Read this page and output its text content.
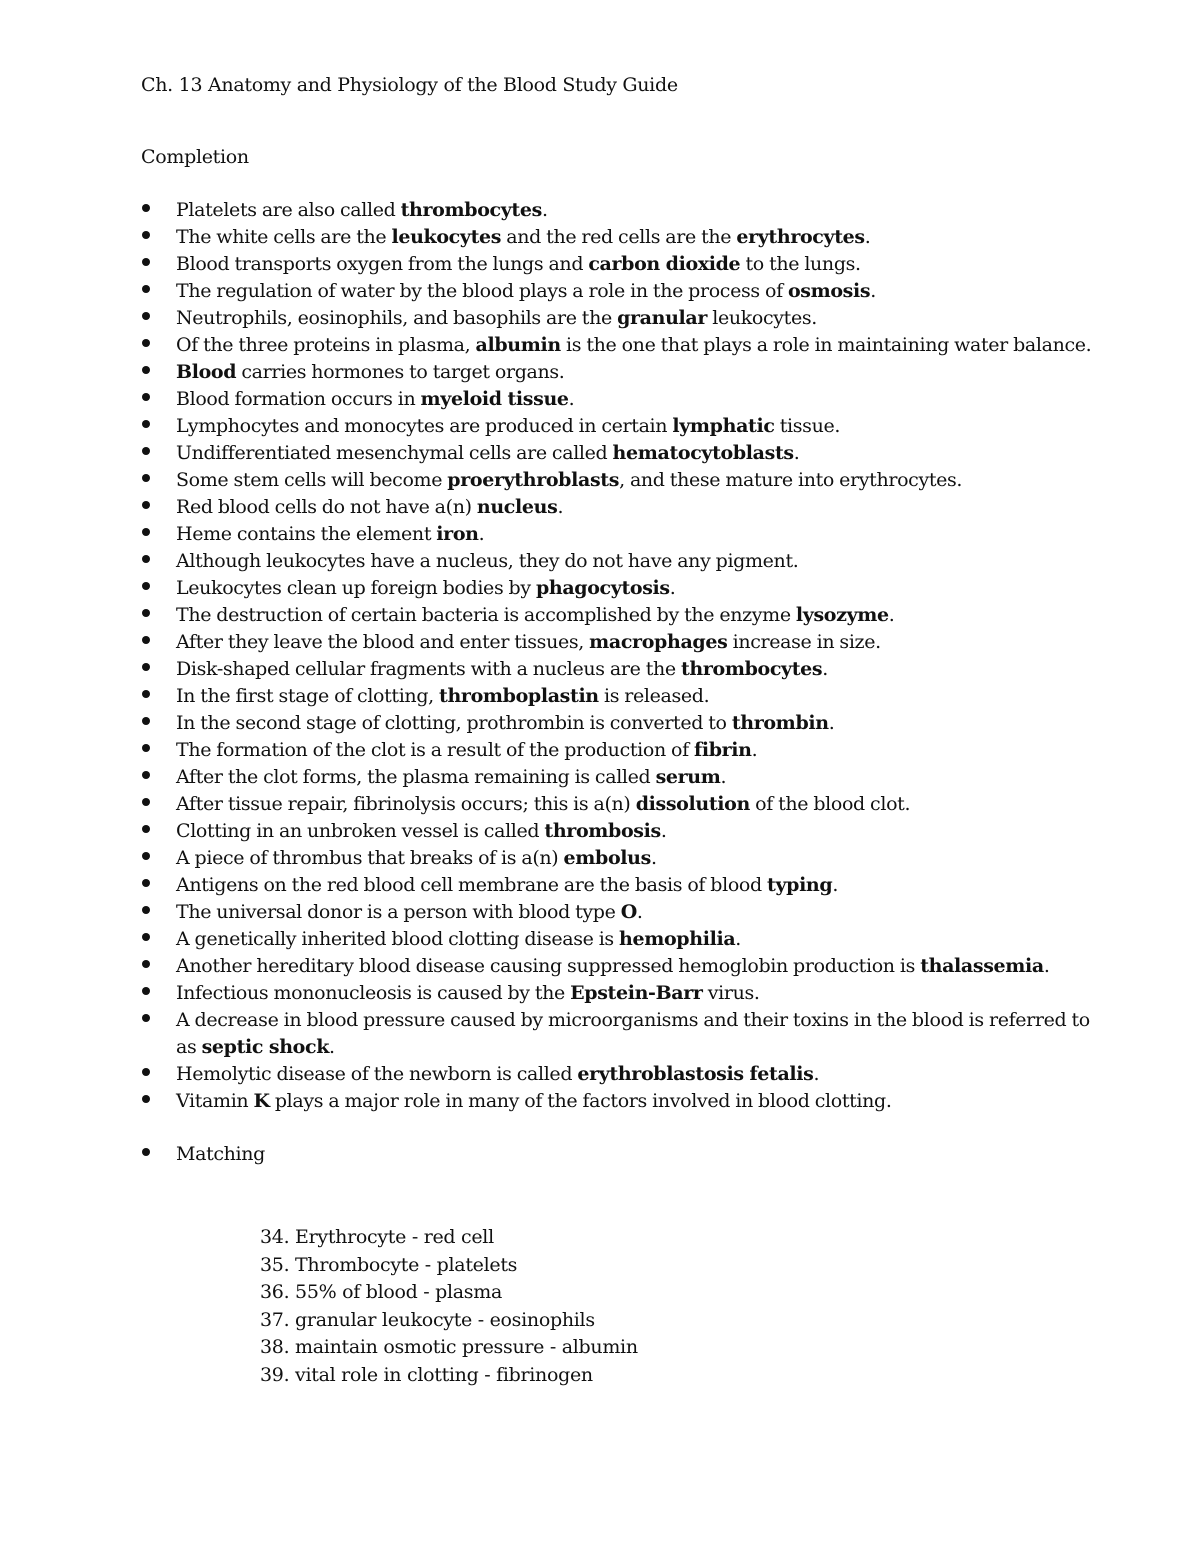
Ch. 13 Anatomy and Physiology of the Blood Study Guide
Completion
Platelets are also called thrombocytes.
The white cells are the leukocytes and the red cells are the erythrocytes.
Blood transports oxygen from the lungs and carbon dioxide to the lungs.
The regulation of water by the blood plays a role in the process of osmosis.
Neutrophils, eosinophils, and basophils are the granular leukocytes.
Of the three proteins in plasma, albumin is the one that plays a role in maintaining water balance.
Blood carries hormones to target organs.
Blood formation occurs in myeloid tissue.
Lymphocytes and monocytes are produced in certain lymphatic tissue.
Undifferentiated mesenchymal cells are called hematocytoblasts.
Some stem cells will become proerythroblasts, and these mature into erythrocytes.
Red blood cells do not have a(n) nucleus.
Heme contains the element iron.
Although leukocytes have a nucleus, they do not have any pigment.
Leukocytes clean up foreign bodies by phagocytosis.
The destruction of certain bacteria is accomplished by the enzyme lysozyme.
After they leave the blood and enter tissues, macrophages increase in size.
Disk-shaped cellular fragments with a nucleus are the thrombocytes.
In the first stage of clotting, thromboplastin is released.
In the second stage of clotting, prothrombin is converted to thrombin.
The formation of the clot is a result of the production of fibrin.
After the clot forms, the plasma remaining is called serum.
After tissue repair, fibrinolysis occurs; this is a(n) dissolution of the blood clot.
Clotting in an unbroken vessel is called thrombosis.
A piece of thrombus that breaks of is a(n) embolus.
Antigens on the red blood cell membrane are the basis of blood typing.
The universal donor is a person with blood type O.
A genetically inherited blood clotting disease is hemophilia.
Another hereditary blood disease causing suppressed hemoglobin production is thalassemia.
Infectious mononucleosis is caused by the Epstein-Barr virus.
A decrease in blood pressure caused by microorganisms and their toxins in the blood is referred to as septic shock.
Hemolytic disease of the newborn is called erythroblastosis fetalis.
Vitamin K plays a major role in many of the factors involved in blood clotting.
Matching
34. Erythrocyte - red cell
35. Thrombocyte - platelets
36. 55% of blood - plasma
37. granular leukocyte - eosinophils
38. maintain osmotic pressure - albumin
39. vital role in clotting - fibrinogen
